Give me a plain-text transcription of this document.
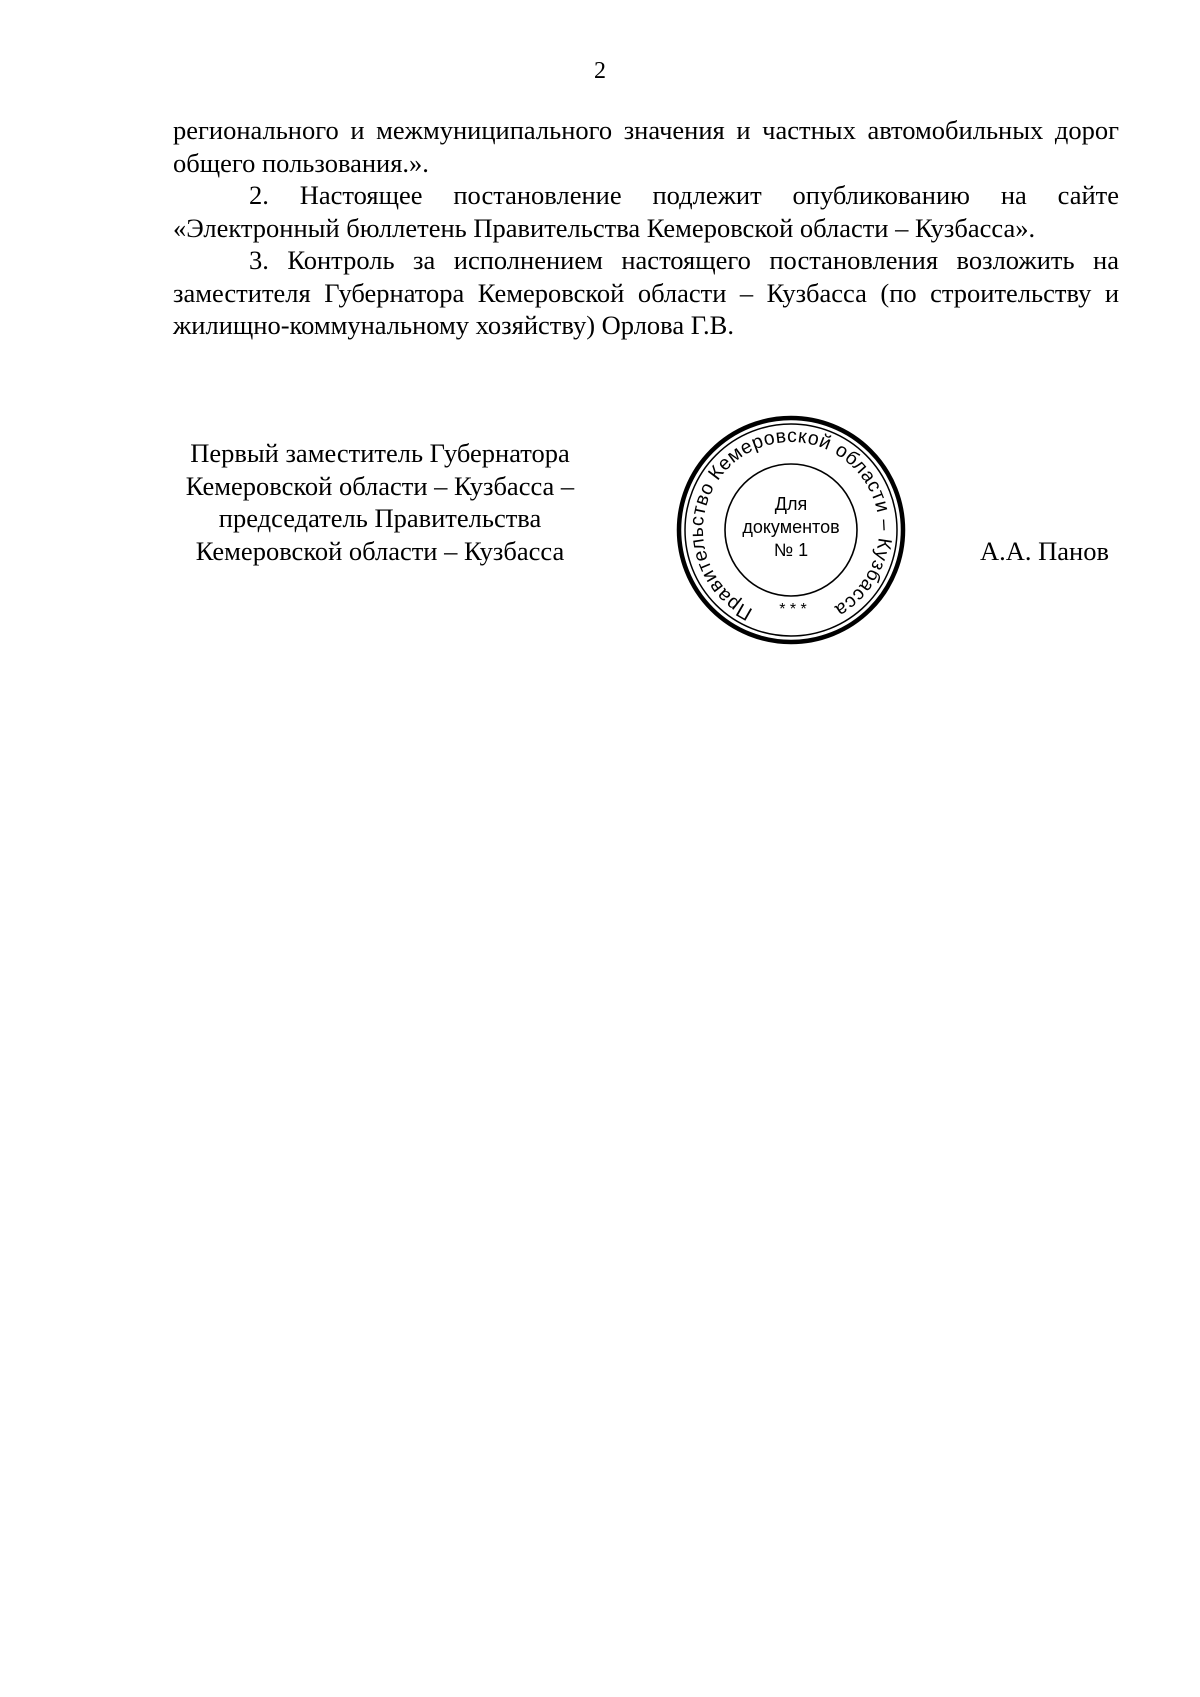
2

регионального и межмуниципального значения и частных автомобильных дорог общего пользования.».

2. Настоящее постановление подлежит опубликованию на сайте «Электронный бюллетень Правительства Кемеровской области – Кузбасса».

3. Контроль за исполнением настоящего постановления возложить на заместителя Губернатора Кемеровской области – Кузбасса (по строительству и жилищно-коммунальному хозяйству) Орлова Г.В.

Первый заместитель Губернатора
Кемеровской области – Кузбасса –
председатель Правительства
Кемеровской области – Кузбасса
Правительство Кемеровской области – Кузбасса
Для
документов
№ 1
* * *
А.А. Панов
